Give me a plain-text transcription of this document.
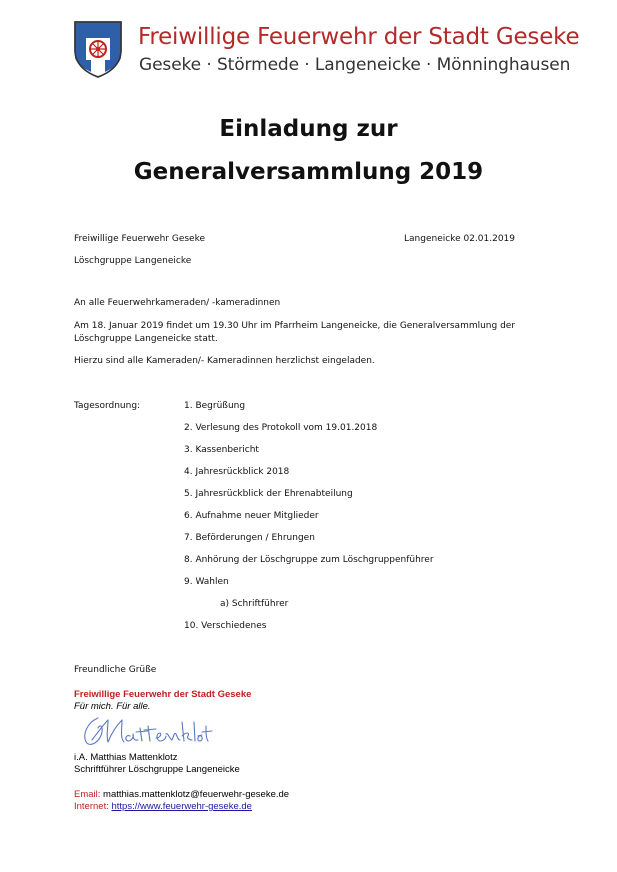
Freiwillige Feuerwehr der Stadt Geseke
Geseke · Störmede · Langeneicke · Mönninghausen
Einladung zur
Generalversammlung 2019
Freiwillige Feuerwehr Geseke	Langeneicke 02.01.2019
Löschgruppe Langeneicke
An alle Feuerwehrkameraden/ -kameradinnen
Am 18. Januar 2019 findet um 19.30 Uhr im Pfarrheim Langeneicke, die Generalversammlung der
Löschgruppe Langeneicke statt.
Hierzu sind alle Kameraden/- Kameradinnen herzlichst eingeladen.
Tagesordnung:	1. Begrüßung
2. Verlesung des Protokoll vom 19.01.2018
3. Kassenbericht
4. Jahresrückblick 2018
5. Jahresrückblick der Ehrenabteilung
6. Aufnahme neuer Mitglieder
7. Beförderungen / Ehrungen
8. Anhörung der Löschgruppe zum Löschgruppenführer
9. Wahlen
a) Schriftführer
10. Verschiedenes
Freundliche Grüße
Freiwillige Feuerwehr der Stadt Geseke
Für mich. Für alle.
i.A. Matthias Mattenklotz
Schriftführer Löschgruppe Langeneicke
Email: matthias.mattenklotz@feuerwehr-geseke.de
Internet: https://www.feuerwehr-geseke.de
